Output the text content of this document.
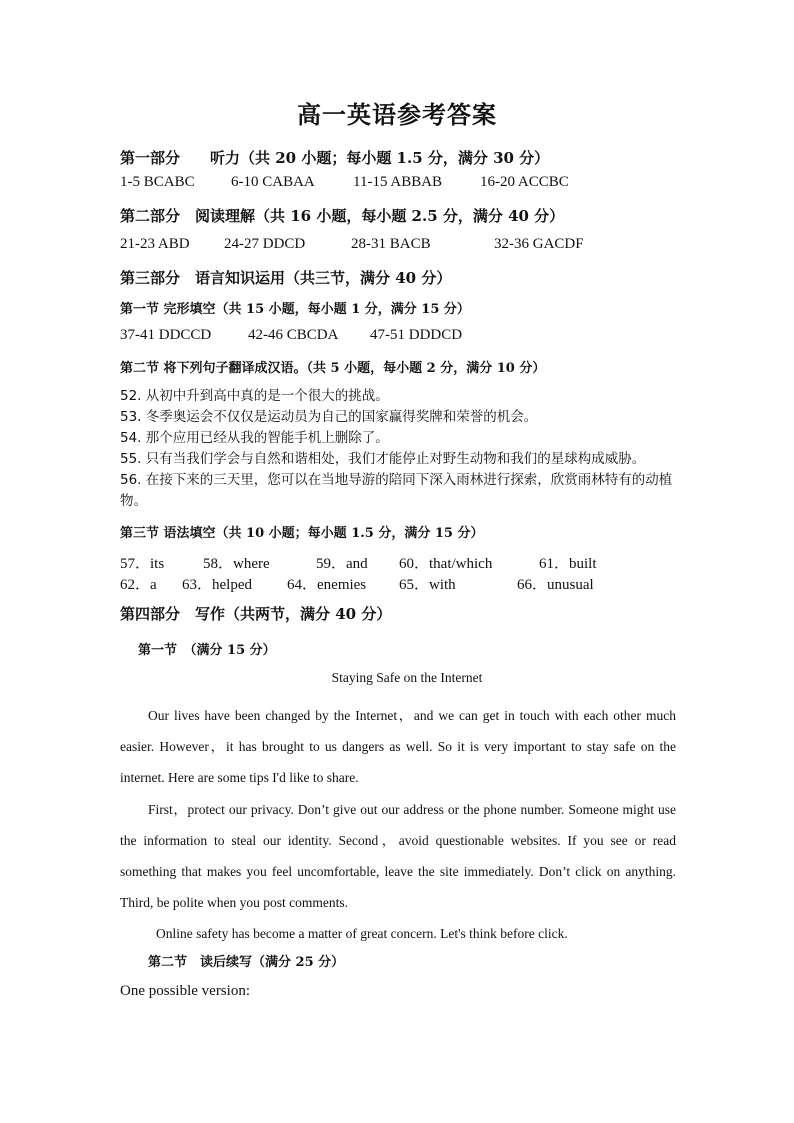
高一英语参考答案
第一部分　　听力（共 20 小题；每小题 1.5 分，满分 30 分）
1-5 BCABC 6-10 CABAA	11-15 ABBAB	16-20 ACCBC
第二部分　阅读理解（共 16 小题，每小题 2.5 分，满分 40 分）
21-23 ABD 24-27 DDCD	28-31 BACB	32-36 GACDF
第三部分　语言知识运用（共三节，满分 40 分）
第一节 完形填空（共 15 小题，每小题 1 分，满分 15 分）
37-41 DDCCD 42-46 CBCDA 47-51 DDDCD
第二节 将下列句子翻译成汉语。（共 5 小题，每小题 2 分，满分 10 分）

52. 从初中升到高中真的是一个很大的挑战。

53. 冬季奥运会不仅仅是运动员为自己的国家赢得奖牌和荣誉的机会。

54. 那个应用已经从我的智能手机上删除了。

55. 只有当我们学会与自然和谐相处，我们才能停止对野生动物和我们的星球构成威胁。

56. 在接下来的三天里，您可以在当地导游的陪同下深入雨林进行探索，欣赏雨林特有的动植物。

第三节 语法填空（共 10 小题；每小题 1.5 分，满分 15 分）
57．its	58．where	59．and 60．that/which	61．built
62．a 63．helped 64．enemies 65．with	66．unusual
第四部分　写作（共两节，满分 40 分）
第一节　（满分 15 分）
Staying Safe on the Internet

Our lives have been changed by the Internet，and we can get in touch with each other much easier. However，it has brought to us dangers as well. So it is very important to stay safe on the internet. Here are some tips I'd like to share.

First，protect our privacy. Don’t give out our address or the phone number. Someone might use the information to steal our identity. Second，avoid questionable websites. If you see or read something that makes you feel uncomfortable, leave the site immediately. Don’t click on anything. Third, be polite when you post comments.

Online safety has become a matter of great concern. Let's think before click.

第二节　读后续写（满分 25 分）
One possible version:
